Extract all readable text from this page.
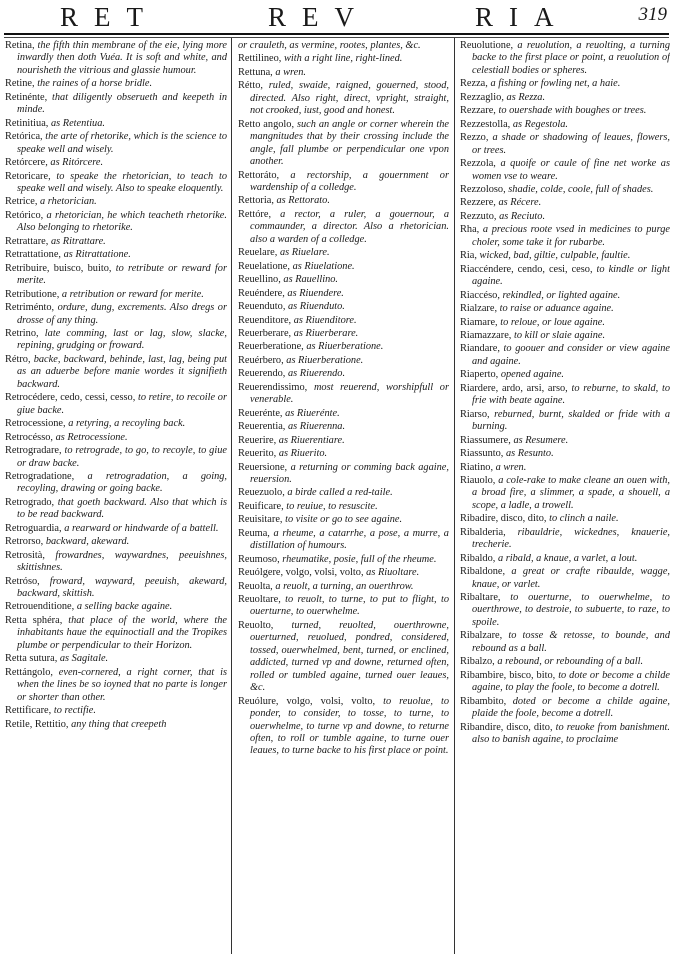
RET	REV	RIA	319
Retina, the fifth thin membrane of the eie, lying more inwardly then doth Vuéa. It is soft and white, and nourisheth the vitrious and glassie humour.
Retine, the raines of a horse bridle.
Retinénte, that diligently obserueth and keepeth in minde.
Retinitiua, as Retentiua.
Retórica, the arte of rhetorike, which is the science to speake well and wisely.
Retórcere, as Ritórcere.
Retoricare, to speake the rhetorician, to teach to speake well and wisely. Also to speake eloquently.
Retrice, a rhetorician.
Retórico, a rhetorician, he which teacheth rhetorike. Also belonging to rhetorike.
Retrattare, as Ritrattare.
Retrattatione, as Ritrattatione.
Retribuire, buisco, buito, to retribute or reward for merite.
Retributione, a retribution or reward for merite.
Retriménto, ordure, dung, excrements. Also dregs or drosse of any thing.
Retrino, late comming, last or lag, slow, slacke, repining, grudging or froward.
Rétro, backe, backward, behinde, last, lag, being put as an aduerbe before manie wordes it signifieth backward.
Retrocédere, cedo, cessi, cesso, to retire, to recoile or giue backe.
Retrocessione, a retyring, a recoyling back.
Retrocésso, as Retrocessione.
Retrogradare, to retrograde, to go, to recoyle, to giue or draw backe.
Retrogradatione, a retrogradation, a going, recoyling, drawing or going backe.
Retrogrado, that goeth backward. Also that which is to be read backward.
Retroguardia, a rearward or hindwarde of a battell.
Retrorso, backward, akeward.
Retrosità, frowardnes, waywardnes, peeuishnes, skittishnes.
Retróso, froward, wayward, peeuish, akeward, backward, skittish.
Retrouenditione, a selling backe againe.
Retta sphéra, that place of the world, where the inhabitants haue the equinoctiall and the Tropikes plumbe or perpendicular to their Horizon.
Retta sutura, as Sagitale.
Rettángolo, even-cornered, a right corner, that is when the lines be so ioyned that no parte is longer or shorter than other.
Rettificare, to rectifie.
Retile, Rettitio, any thing that creepeth
or crauleth, as vermine, rootes, plantes, &c.
Rettilineo, with a right line, right-lined.
Rettuna, a wren.
Rétto, ruled, swaide, raigned, gouerned, stood, directed. Also right, direct, vpright, straight, not crooked, iust, good and honest.
Retto angolo, such an angle or corner wherein the mangnitudes that by their crossing include the angle, fall plumbe or perpendicular one vpon another.
Rettoráto, a rectorship, a gouernment or wardenship of a colledge.
Rettoria, as Rettorato.
Rettóre, a rector, a ruler, a gouernour, a commaunder, a director. Also a rhetorician. also a warden of a colledge.
Reuelare, as Riuelare.
Reuelatione, as Riuelatione.
Reuellino, as Rauellino.
Reuéndere, as Riuendere.
Reuenduto, as Riuenduto.
Reuenditore, as Riuenditore.
Reuerberare, as Riuerberare.
Reuerberatione, as Riuerberatione.
Reuérbero, as Riuerberatione.
Reuerendo, as Riuerendo.
Reuerendissimo, most reuerend, worshipfull or venerable.
Reuerénte, as Riuerénte.
Reuerentia, as Riuerenna.
Reuerire, as Riuerentiare.
Reuerito, as Riuerito.
Reuersione, a returning or comming back againe, reuersion.
Reuezuolo, a birde called a red-taile.
Reuificare, to reuiue, to resuscite.
Reuisitare, to visite or go to see againe.
Reuma, a rheume, a catarrhe, a pose, a murre, a distillation of humours.
Reumoso, rheumatike, posie, full of the rheume.
Reuólgere, volgo, volsi, volto, as Riuoltare.
Reuolta, a reuolt, a turning, an ouerthrow.
Reuoltare, to reuolt, to turne, to put to flight, to ouerturne, to ouerwhelme.
Reuolto, turned, reuolted, ouerthrowne, ouerturned, reuolued, pondred, considered, tossed, ouerwhelmed, bent, turned, or enclined, addicted, turned vp and downe, returned often, rolled or tumbled againe, turned ouer leaues, &c.
Reuólure, volgo, volsi, volto, to reuolue, to ponder, to consider, to tosse, to turne, to ouerwhelme, to turne vp and downe, to returne often, to roll or tumble againe, to turne ouer leaues, to turne backe to his first place or point.
Reuolutione, a reuolution, a reuolting, a turning backe to the first place or point, a reuolution of celestiall bodies or spheres.
Rezza, a fishing or fowling net, a haie.
Rezzaglio, as Rezza.
Rezzare, to ouershade with boughes or trees.
Rezzestolla, as Regestola.
Rezzo, a shade or shadowing of leaues, flowers, or trees.
Rezzola, a quoife or caule of fine net worke as women vse to weare.
Rezzoloso, shadie, colde, coole, full of shades.
Rezzere, as Récere.
Rezzuto, as Reciuto.
Rha, a precious roote vsed in medicines to purge choler, some take it for rubarbe.
Ria, wicked, bad, giltie, culpable, faultie.
Riaccéndere, cendo, cesi, ceso, to kindle or light againe.
Riaccéso, rekindled, or lighted againe.
Rialzare, to raise or aduance againe.
Riamare, to reloue, or loue againe.
Riamazzare, to kill or slaie againe.
Riandare, to goouer and consider or view againe and againe.
Riaperto, opened againe.
Riardere, ardo, arsi, arso, to reburne, to skald, to frie with beate againe.
Riarso, reburned, burnt, skalded or fride with a burning.
Riassumere, as Resumere.
Riassunto, as Resunto.
Riatino, a wren.
Riauolo, a cole-rake to make cleane an ouen with, a broad fire, a slimmer, a spade, a shouell, a scope, a ladle, a trowell.
Ribadire, disco, dito, to clinch a naile.
Ribalderia, ribauldrie, wickednes, knauerie, trecherie.
Ribaldo, a ribald, a knaue, a varlet, a lout.
Ribaldone, a great or crafte ribaulde, wagge, knaue, or varlet.
Ribaltare, to ouerturne, to ouerwhelme, to ouerthrowe, to destroie, to subuerte, to raze, to spoile.
Ribalzare, to tosse & retosse, to bounde, and rebound as a ball.
Ribalzo, a rebound, or rebounding of a ball.
Ribambire, bisco, bito, to dote or become a childe againe, to play the foole, to become a dotrell.
Ribambito, doted or become a childe againe, plaide the foole, become a dotrell.
Ribandire, disco, dito, to reuoke from banishment. also to banish againe, to proclaime
